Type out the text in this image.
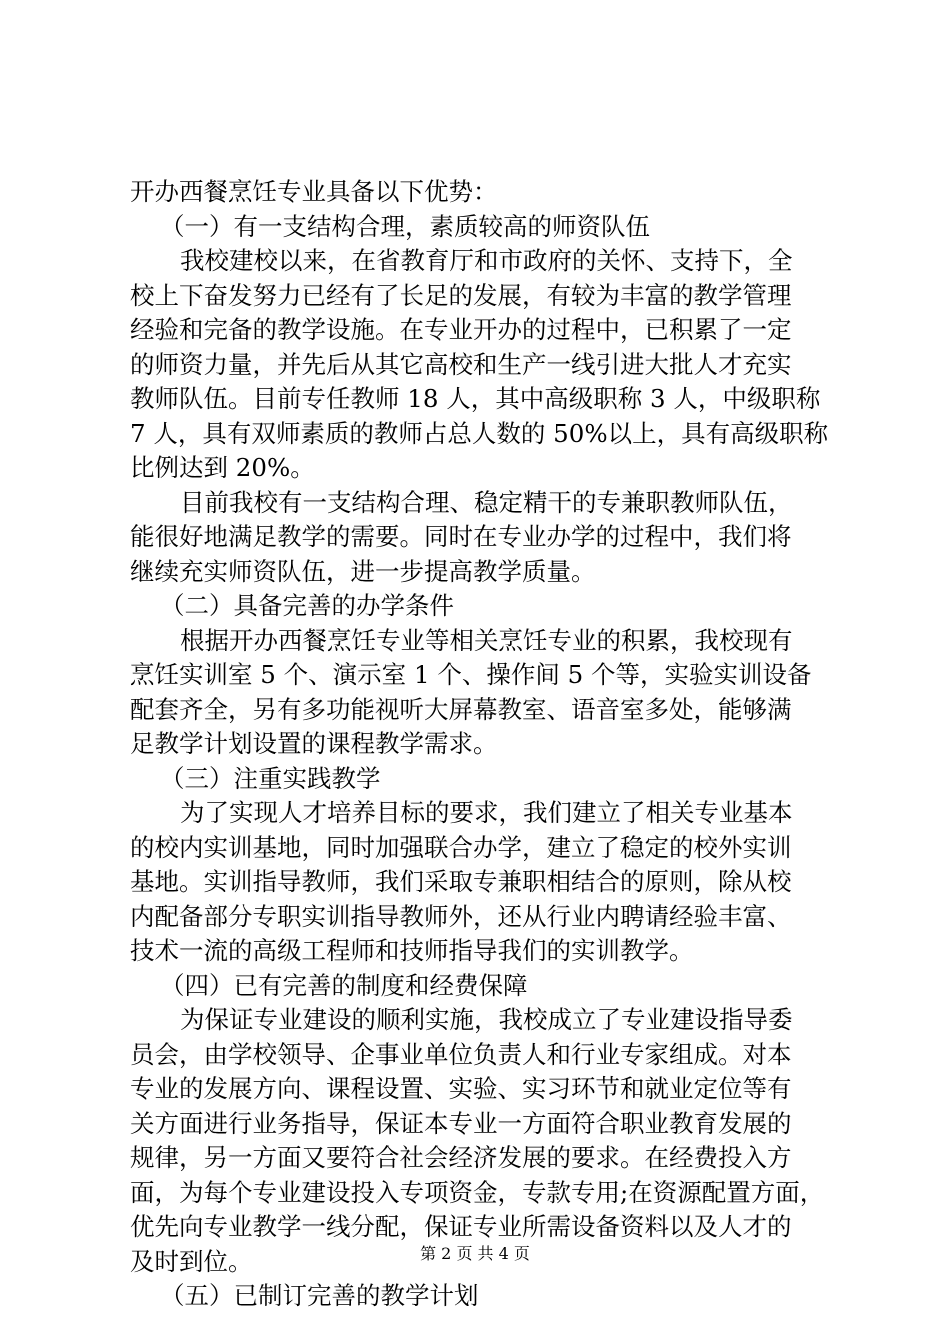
开办西餐烹饪专业具备以下优势：
（一）有一支结构合理，素质较高的师资队伍
我校建校以来，在省教育厅和市政府的关怀、支持下，全
校上下奋发努力已经有了长足的发展，有较为丰富的教学管理
经验和完备的教学设施。在专业开办的过程中，已积累了一定
的师资力量，并先后从其它高校和生产一线引进大批人才充实
教师队伍。目前专任教师 18 人，其中高级职称 3 人，中级职称
7 人，具有双师素质的教师占总人数的 50%以上，具有高级职称
比例达到 20%。
目前我校有一支结构合理、稳定精干的专兼职教师队伍，
能很好地满足教学的需要。同时在专业办学的过程中，我们将
继续充实师资队伍，进一步提高教学质量。
（二）具备完善的办学条件
根据开办西餐烹饪专业等相关烹饪专业的积累，我校现有
烹饪实训室 5 个、演示室 1 个、操作间 5 个等，实验实训设备
配套齐全，另有多功能视听大屏幕教室、语音室多处，能够满
足教学计划设置的课程教学需求。
（三）注重实践教学
为了实现人才培养目标的要求，我们建立了相关专业基本
的校内实训基地，同时加强联合办学，建立了稳定的校外实训
基地。实训指导教师，我们采取专兼职相结合的原则，除从校
内配备部分专职实训指导教师外，还从行业内聘请经验丰富、
技术一流的高级工程师和技师指导我们的实训教学。
（四）已有完善的制度和经费保障
为保证专业建设的顺利实施，我校成立了专业建设指导委
员会，由学校领导、企事业单位负责人和行业专家组成。对本
专业的发展方向、课程设置、实验、实习环节和就业定位等有
关方面进行业务指导，保证本专业一方面符合职业教育发展的
规律，另一方面又要符合社会经济发展的要求。在经费投入方
面，为每个专业建设投入专项资金，专款专用;在资源配置方面，
优先向专业教学一线分配，保证专业所需设备资料以及人才的
及时到位。
（五）已制订完善的教学计划
第 2 页 共 4 页
